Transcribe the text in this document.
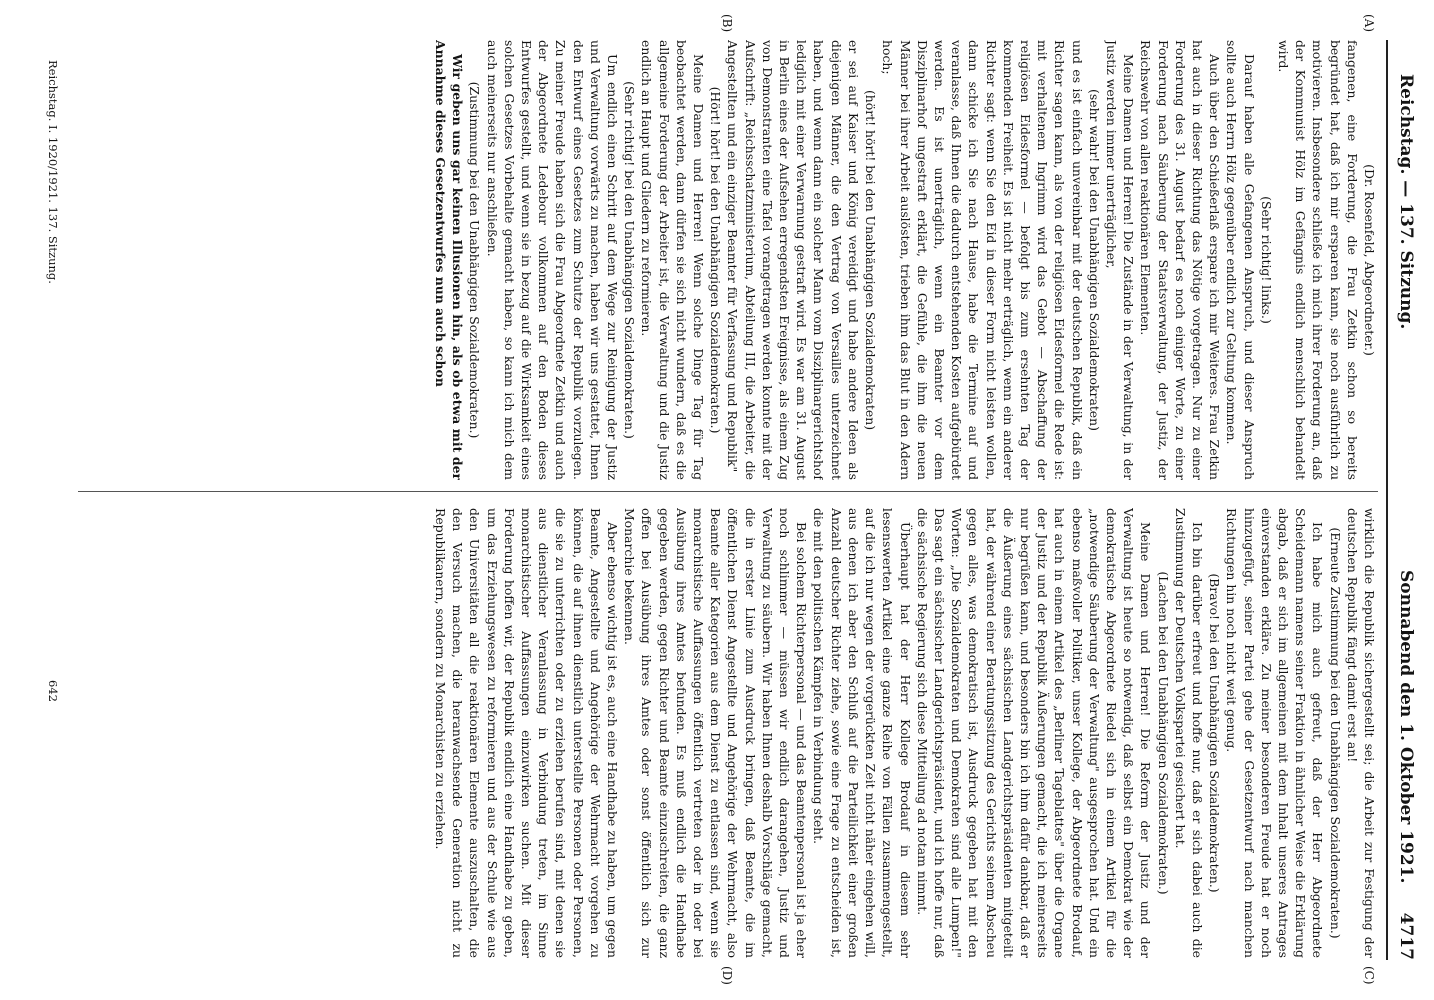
Reichstag. — 137. Sitzung.
Sonnabend den 1. Oktober 1921.
4717
(A)
(B)
(C)
(D)

(Dr. Rosenfeld, Abgeordneter.)

fangenen, eine Forderung, die Frau Zetkin schon so bereits begründet hat, daß ich mir ersparen kann, sie noch ausführlich zu motivieren. Insbesondere schließe ich mich ihrer Forderung an, daß der Kommunist Hölz im Gefängnis endlich menschlich behandelt wird.

(Sehr richtig! links.)

Darauf haben alle Gefangenen Anspruch, und dieser Anspruch sollte auch Herrn Hölz gegenüber endlich zur Geltung kommen.

Auch über den Schießerlaß erspare ich mir Weiteres. Frau Zetkin hat auch in dieser Richtung das Nötige vorgetragen. Nur zu einer Forderung des 31. August bedarf es noch einiger Worte, zu einer Forderung nach Säuberung der Staatsverwaltung, der Justiz, der Reichswehr von allen reaktionären Elementen.

Meine Damen und Herren! Die Zustände in der Verwaltung, in der Justiz werden immer unerträglicher,

(sehr wahr! bei den Unabhängigen Sozialdemokraten)

und es ist einfach unvereinbar mit der deutschen Republik, daß ein Richter sagen kann, als von der religiösen Eidesformel die Rede ist: mit verhaltenem Ingrimm wird das Gebot — Abschaffung der religiösen Eidesformel — befolgt bis zum ersehnten Tag der kommenden Freiheit. Es ist nicht mehr erträglich, wenn ein anderer Richter sagt: wenn Sie den Eid in dieser Form nicht leisten wollen, dann schicke ich Sie nach Hause, habe die Termine auf und veranlasse, daß Ihnen die dadurch entstehenden Kosten aufgebürdet werden. Es ist unerträglich, wenn ein Beamter vor dem Disziplinarhof ungestraft erklärt, die Gefühle, die ihm die neuen Männer bei ihrer Arbeit auslösten, trieben ihm das Blut in den Adern hoch;

(hört! hört! bei den Unabhängigen Sozialdemokraten)

er sei auf Kaiser und König vereidigt und habe andere Ideen als diejenigen Männer, die den Vertrag von Versailles unterzeichnet haben, und wenn dann ein solcher Mann vom Disziplinargerichtshof lediglich mit einer Verwarnung gestraft wird. Es war am 31. August in Berlin eines der Aufsehen erregendsten Ereignisse, als einem Zug von Demonstranten eine Tafel vorangetragen werden konnte mit der Aufschrift: „Reichsschatzministerium, Abteilung III, die Arbeiter, die Angestellten und ein einziger Beamter für Verfassung und Republik"

(Hört! hört! bei den Unabhängigen Sozialdemokraten.)

Meine Damen und Herren! Wenn solche Dinge Tag für Tag beobachtet werden, dann dürfen sie sich nicht wundern, daß es die allgemeine Forderung der Arbeiter ist, die Verwaltung und die Justiz endlich an Haupt und Gliedern zu reformieren.

(Sehr richtig! bei den Unabhängigen Sozialdemokraten.)

Um endlich einen Schritt auf dem Wege zur Reinigung der Justiz und Verwaltung vorwärts zu machen, haben wir uns gestattet, Ihnen den Entwurf eines Gesetzes zum Schutze der Republik vorzulegen. Zu meiner Freude haben sich die Frau Abgeordnete Zetkin und auch der Abgeordnete Ledebour vollkommen auf den Boden dieses Entwurfes gestellt, und wenn sie in bezug auf die Wirksamkeit eines solchen Gesetzes Vorbehalte gemacht haben, so kann ich mich dem auch meinerseits nur anschließen.

(Zustimmung bei den Unabhängigen Sozialdemokraten.)

Wir geben uns gar keinen Illusionen hin, als ob etwa mit der Annahme dieses Gesetzentwurfes nun auch schon

wirklich die Republik sichergestellt sei; die Arbeit zur Festigung der deutschen Republik fängt damit erst an!

(Erneute Zustimmung bei den Unabhängigen Sozialdemokraten.)

Ich habe mich auch gefreut, daß der Herr Abgeordnete Scheidemann namens seiner Fraktion in ähnlicher Weise die Erklärung abgab, daß er sich im allgemeinen mit dem Inhalt unseres Antrages einverstanden erkläre. Zu meiner besonderen Freude hat er noch hinzugefügt, seiner Partei gehe der Gesetzentwurf nach manchen Richtungen hin noch nicht weit genug.

(Bravo! bei den Unabhängigen Sozialdemokraten.)

Ich bin darüber erfreut und hoffe nur, daß er sich dabei auch die Zustimmung der Deutschen Volkspartei gesichert hat.

(Lachen bei den Unabhängigen Sozialdemokraten.)

Meine Damen und Herren! Die Reform der Justiz und der Verwaltung ist heute so notwendig, daß selbst ein Demokrat wie der demokratische Abgeordnete Riedel sich in einem Artikel für die „notwendige Säuberung der Verwaltung" ausgesprochen hat. Und ein ebenso maßvoller Politiker, unser Kollege, der Abgeordnete Brodauf, hat auch in einem Artikel des „Berliner Tageblattes" über die Organe der Justiz und der Republik Äußerungen gemacht, die ich meinerseits nur begrüßen kann, und besonders bin ich ihm dafür dankbar, daß er die Äußerung eines sächsischen Landgerichtspräsidenten mitgeteilt hat, der während einer Beratungssitzung des Gerichts seinem Abscheu gegen alles, was demokratisch ist, Ausdruck gegeben hat mit den Worten: „Die Sozialdemokraten und Demokraten sind alle Lumpen!" Das sagt ein sächsischer Landgerichtspräsident, und ich hoffe nur, daß die sächsische Regierung sich diese Mitteilung ad notam nimmt.

Überhaupt hat der Herr Kollege Brodauf in diesem sehr lesenswerten Artikel eine ganze Reihe von Fällen zusammengestellt, auf die ich nur wegen der vorgerückten Zeit nicht näher eingehen will, aus denen ich aber den Schluß auf die Parteilichkeit einer großen Anzahl deutscher Richter ziehe, sowie eine Frage zu entscheiden ist, die mit den politischen Kämpfen in Verbindung steht.

Bei solchem Richterpersonal — und das Beamtenpersonal ist ja eher noch schlimmer — müssen wir endlich darangehen, Justiz und Verwaltung zu säubern. Wir haben Ihnen deshalb Vorschläge gemacht, die in erster Linie zum Ausdruck bringen, daß Beamte, die im öffentlichen Dienst Angestellte und Angehörige der Wehrmacht, also Beamte aller Kategorien aus dem Dienst zu entlassen sind, wenn sie monarchistische Auffassungen öffentlich vertreten oder in oder bei Ausübung ihres Amtes befunden. Es muß endlich die Handhabe gegeben werden, gegen Richter und Beamte einzuschreiten, die ganz offen bei Ausübung ihres Amtes oder sonst öffentlich sich zur Monarchie bekennen.

Aber ebenso wichtig ist es, auch eine Handhabe zu haben, um gegen Beamte, Angestellte und Angehörige der Wehrmacht vorgehen zu können, die auf ihnen dienstlich unterstellte Personen oder Personen, die sie zu unterrichten oder zu erziehen berufen sind, mit denen sie aus dienstlicher Veranlassung in Verbindung treten, im Sinne monarchistischer Auffassungen einzuwirken suchen. Mit dieser Forderung hoffen wir, der Republik endlich eine Handhabe zu geben, um das Erziehungswesen zu reformieren und aus der Schule wie aus den Universitäten all die reaktionären Elemente auszuschalten, die den Versuch machen, die heranwachsende Generation nicht zu Republikanern, sondern zu Monarchisten zu erziehen.

Reichstag. I. 1920/1921. 137. Sitzung.
642
